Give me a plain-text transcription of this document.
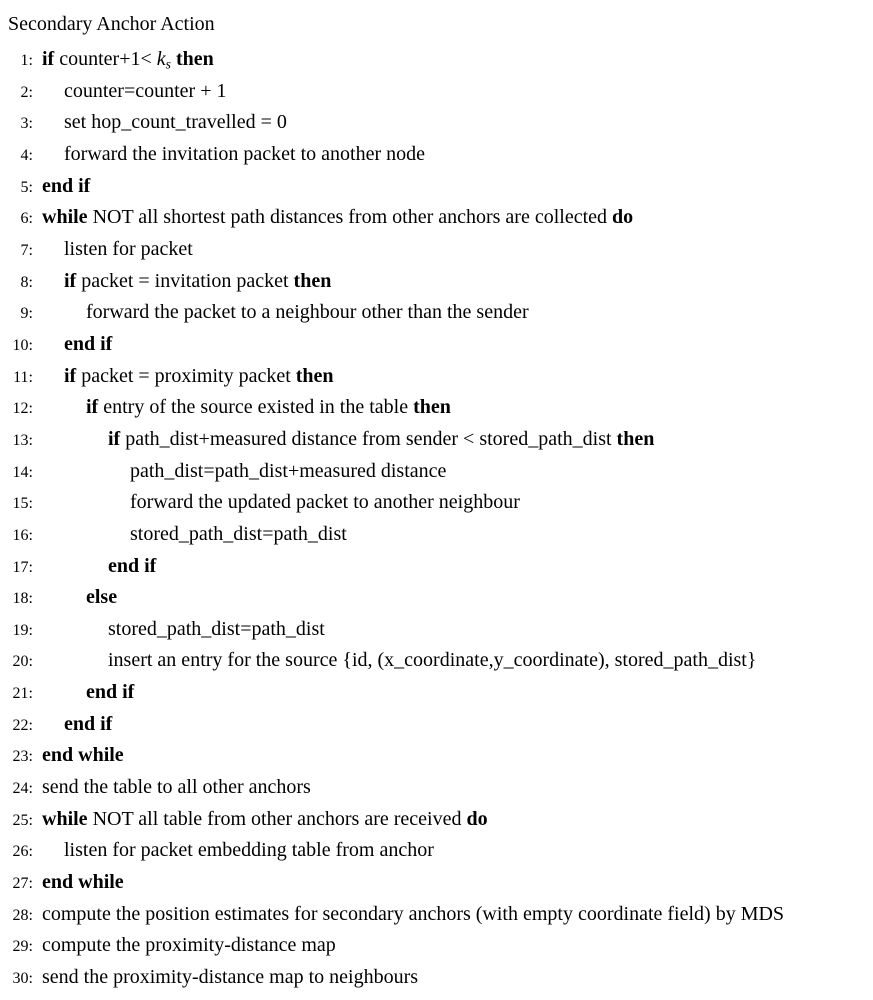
Secondary Anchor Action
1: if counter+1< $k_s$ then
2:	counter=counter + 1
3:	set hop_count_travelled = 0
4:	forward the invitation packet to another node
5: end if
6: while NOT all shortest path distances from other anchors are collected do
7:	listen for packet
8:	if packet = invitation packet then
9:	forward the packet to a neighbour other than the sender
10:	end if
11:	if packet = proximity packet then
12:	if entry of the source existed in the table then
13:	if path_dist+measured distance from sender < stored_path_dist then
14:	path_dist=path_dist+measured distance
15:	forward the updated packet to another neighbour
16:	stored_path_dist=path_dist
17:	end if
18:	else
19:	stored_path_dist=path_dist
20:	insert an entry for the source {id, (x_coordinate,y_coordinate), stored_path_dist}
21:	end if
22:	end if
23: end while
24: send the table to all other anchors
25: while NOT all table from other anchors are received do
26:	listen for packet embedding table from anchor
27: end while
28: compute the position estimates for secondary anchors (with empty coordinate field) by MDS
29: compute the proximity-distance map
30: send the proximity-distance map to neighbours
